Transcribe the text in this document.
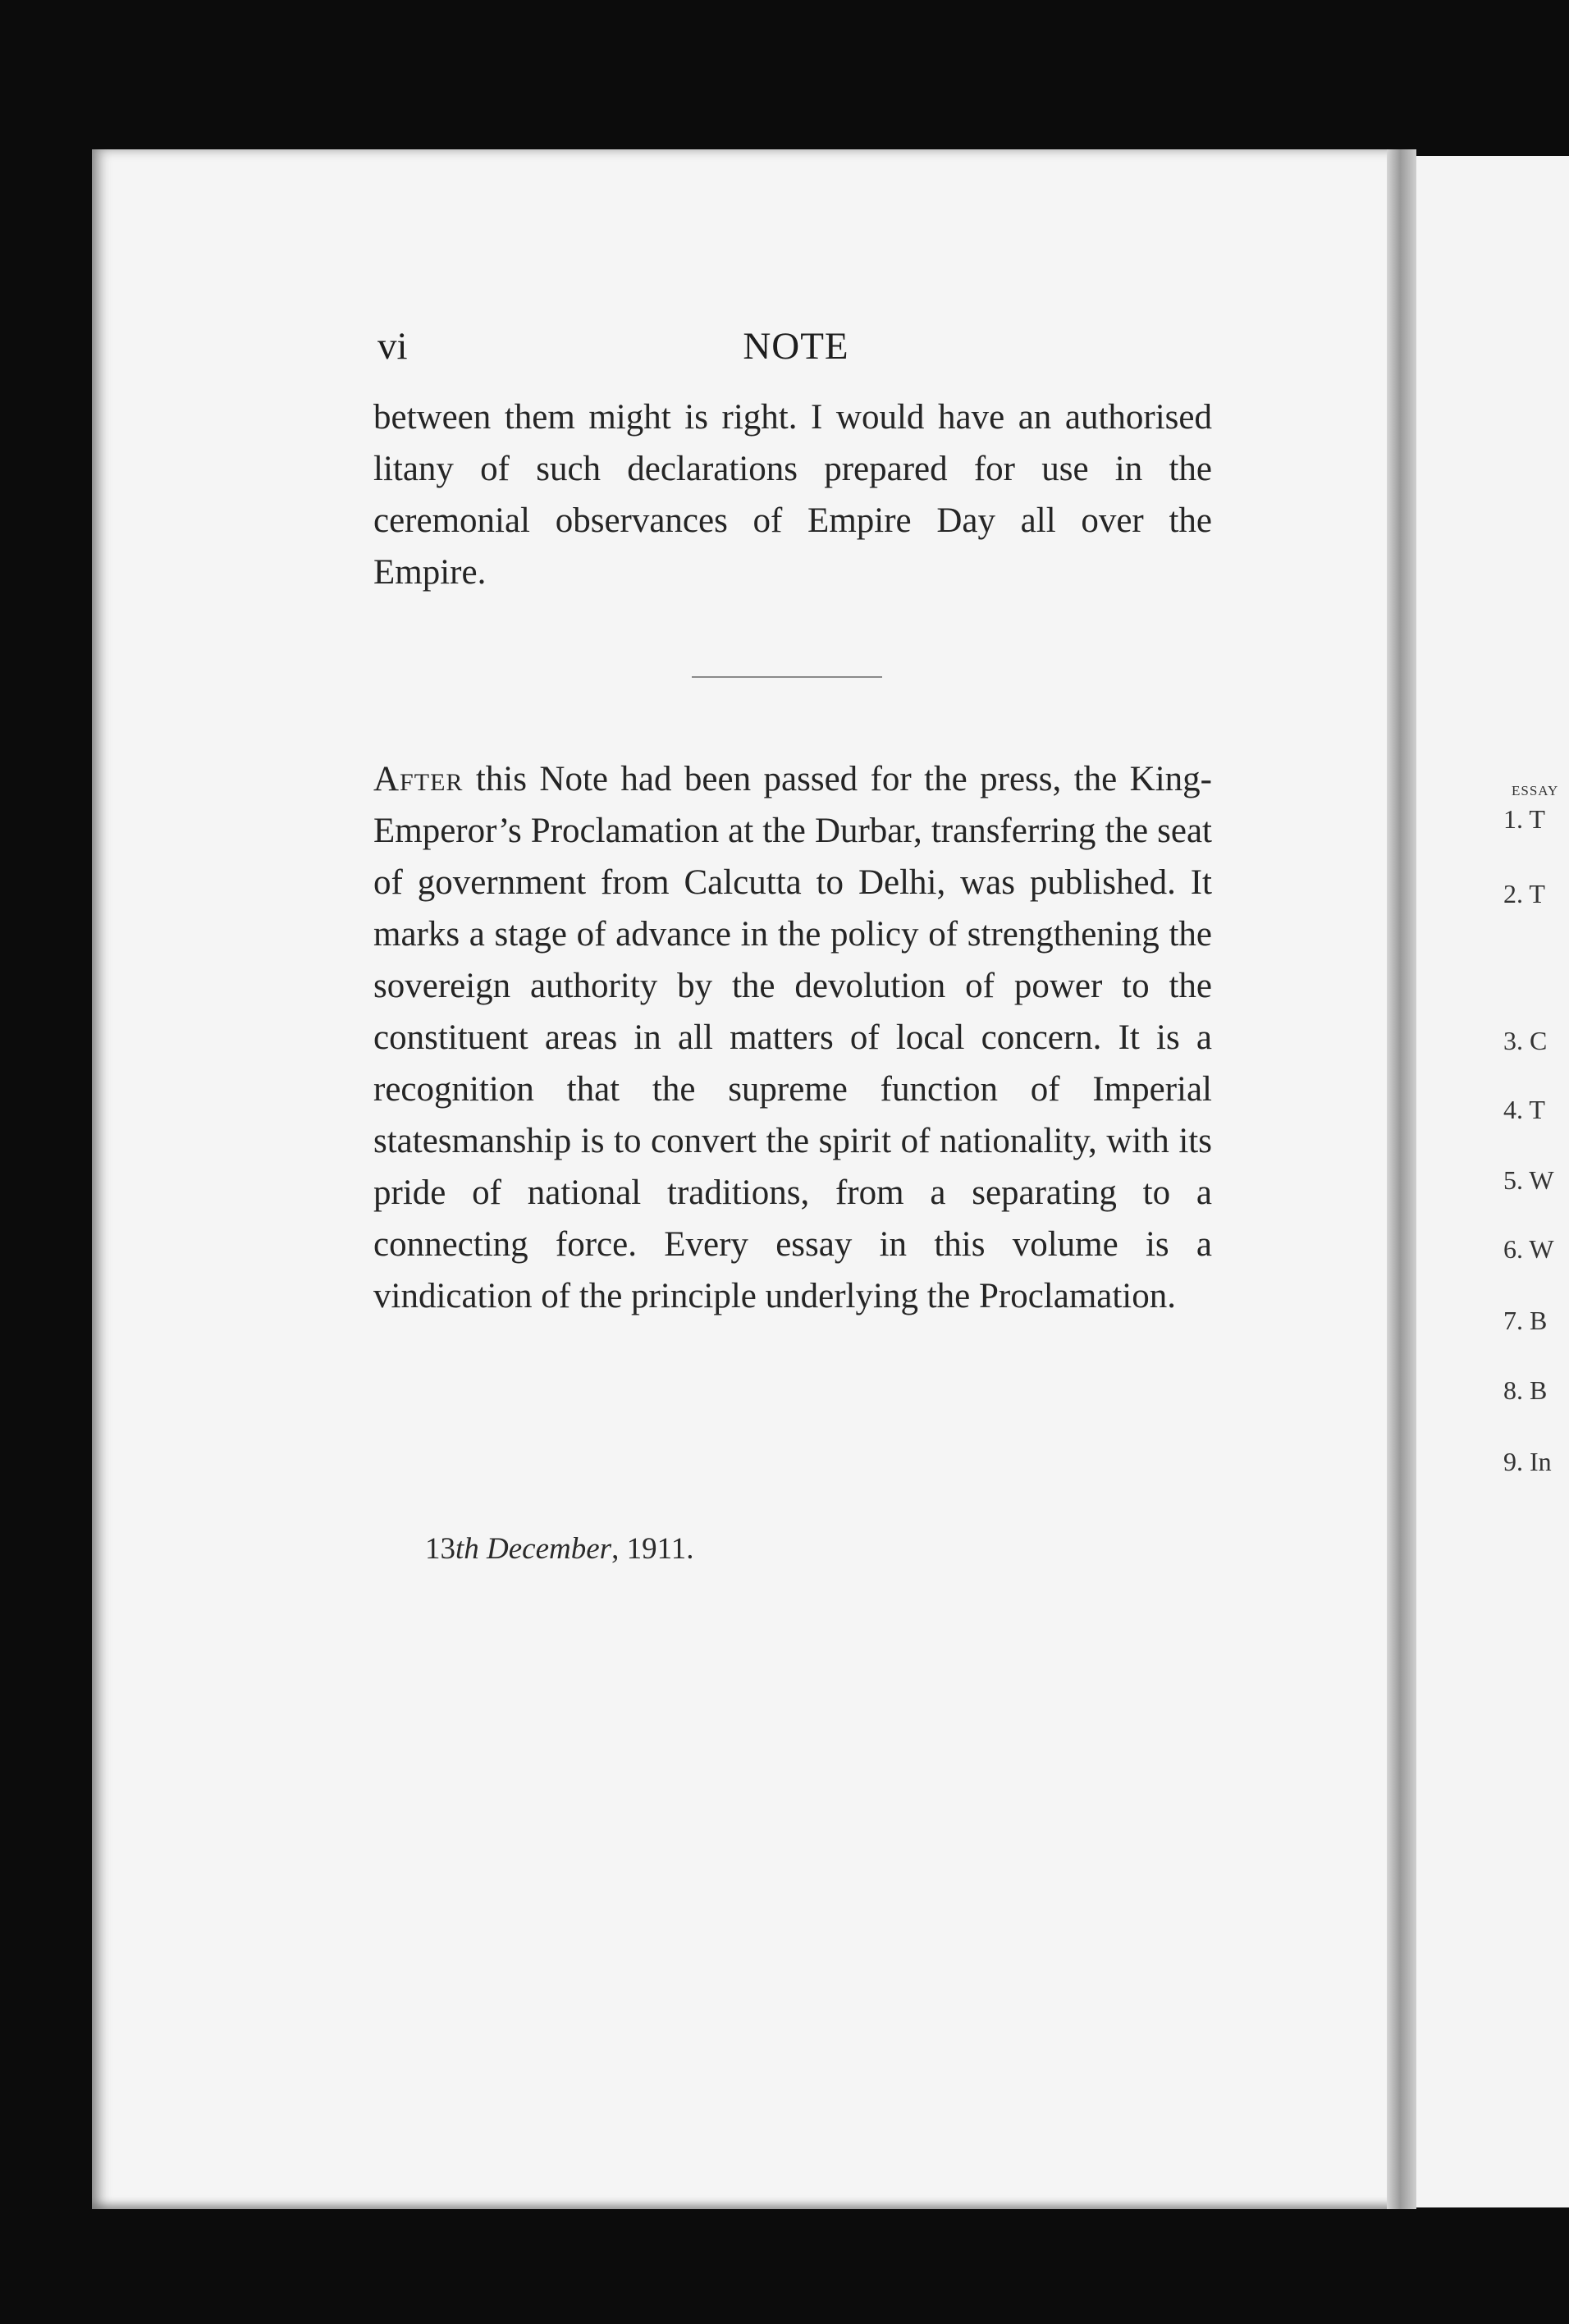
vi	NOTE

between them might is right. I would have an authorised litany of such declarations prepared for use in the ceremonial observances of Empire Day all over the Empire.

After this Note had been passed for the press, the King-Emperor’s Proclamation at the Durbar, transferring the seat of government from Calcutta to Delhi, was published. It marks a stage of advance in the policy of strengthening the sovereign authority by the devolution of power to the constituent areas in all matters of local concern. It is a recognition that the supreme function of Imperial statesmanship is to convert the spirit of nationality, with its pride of national traditions, from a separating to a connecting force. Every essay in this volume is a vindication of the principle underlying the Proclamation.

13th December, 1911.
ESSAY
1. T
2. T
3. C
4. T
5. W
6. W
7. B
8. B
9. In
